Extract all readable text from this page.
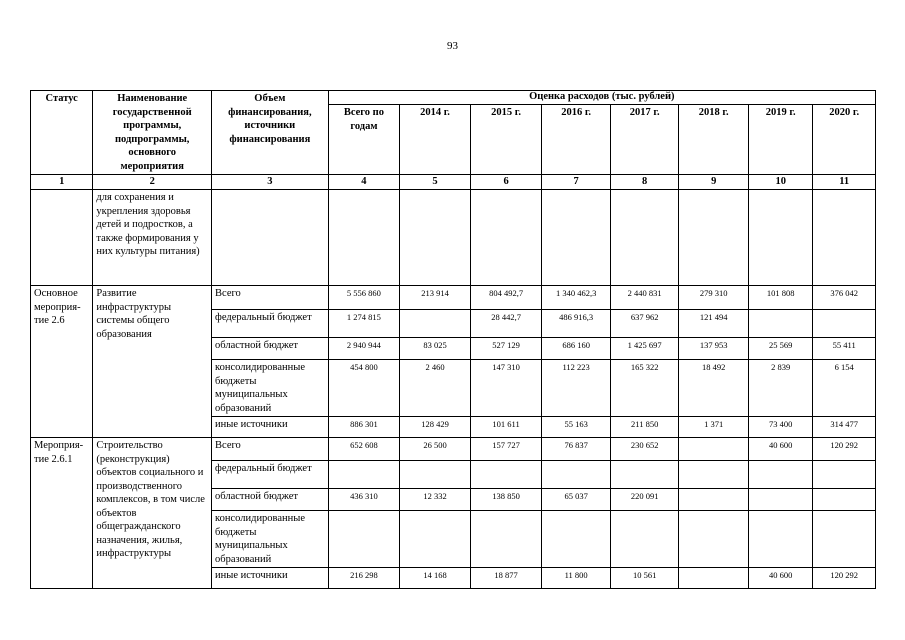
93
Статус	Наименование государственной программы, подпрограммы, основного мероприятия	Объем финансирования, источники финансирования	Оценка расходов (тыс. рублей)							
			Всего по годам	2014 г.	2015 г.	2016 г.	2017 г.	2018 г.	2019 г.	2020 г.
1	2	3	4	5	6	7	8	9	10	11
	для сохранения и укрепления здоровья детей и подростков, а также формирования у них культуры питания)									
Основное мероприя-тие 2.6	Развитие инфраструктуры системы общего образования	Всего	5 556 860	213 914	804 492,7	1 340 462,3	2 440 831	279 310	101 808	376 042
		федеральный бюджет	1 274 815		28 442,7	486 916,3	637 962	121 494		
		областной бюджет	2 940 944	83 025	527 129	686 160	1 425 697	137 953	25 569	55 411
		консолидированные бюджеты муниципальных образований	454 800	2 460	147 310	112 223	165 322	18 492	2 839	6 154
		иные источники	886 301	128 429	101 611	55 163	211 850	1 371	73 400	314 477
Мероприя-тие 2.6.1	Строительство (реконструкция) объектов социального и производственного комплексов, в том числе объектов общегражданского назначения, жилья, инфраструктуры	Всего	652 608	26 500	157 727	76 837	230 652		40 600	120 292
		федеральный бюджет								
		областной бюджет	436 310	12 332	138 850	65 037	220 091			
		консолидированные бюджеты муниципальных образований								
		иные источники	216 298	14 168	18 877	11 800	10 561		40 600	120 292
